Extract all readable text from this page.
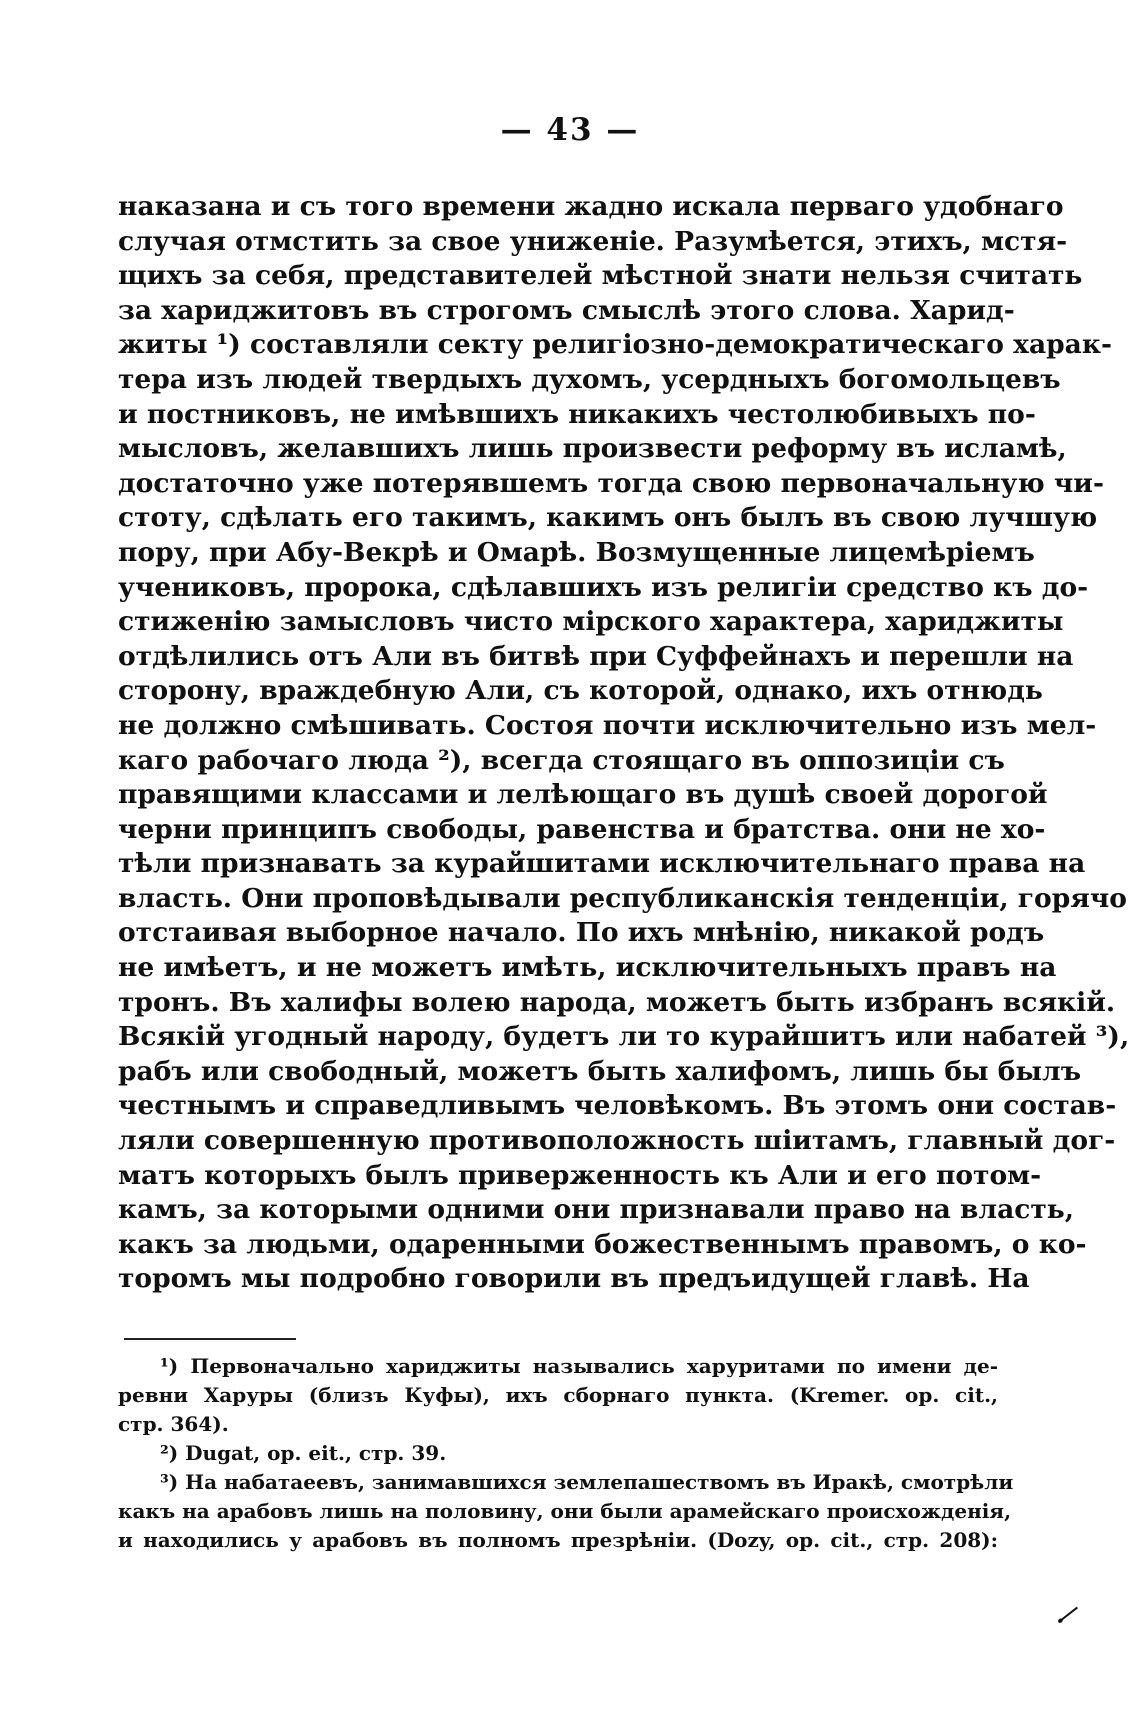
— 43 —
наказана и съ того времени жадно искала перваго удобнаго
случая отмстить за свое униженіе. Разумѣется, этихъ, мстя-
щихъ за себя, представителей мѣстной знати нельзя считать
за хариджитовъ въ строгомъ смыслѣ этого слова. Харид-
житы ¹) составляли секту религіозно-демократическаго харак-
тера изъ людей твердыхъ духомъ, усердныхъ богомольцевъ
и постниковъ, не имѣвшихъ никакихъ честолюбивыхъ по-
мысловъ, желавшихъ лишь произвести реформу въ исламѣ,
достаточно уже потерявшемъ тогда свою первоначальную чи-
стоту, сдѣлать его такимъ, какимъ онъ былъ въ свою лучшую
пору, при Абу-Векрѣ и Омарѣ. Возмущенные лицемѣріемъ
учениковъ, пророка, сдѣлавшихъ изъ религіи средство къ до-
стиженію замысловъ чисто мірского характера, хариджиты
отдѣлились отъ Али въ битвѣ при Суффейнахъ и перешли на
сторону, враждебную Али, съ которой, однако, ихъ отнюдь
не должно смѣшивать. Состоя почти исключительно изъ мел-
каго рабочаго люда ²), всегда стоящаго въ оппозиціи съ
правящими классами и лелѣющаго въ душѣ своей дорогой
черни принципъ свободы, равенства и братства. они не хо-
тѣли признавать за курайшитами исключительнаго права на
власть. Они проповѣдывали республиканскія тенденціи, горячо
отстаивая выборное начало. По ихъ мнѣнію, никакой родъ
не имѣетъ, и не можетъ имѣть, исключительныхъ правъ на
тронъ. Въ халифы волею народа, можетъ быть избранъ всякій.
Всякій угодный народу, будетъ ли то курайшитъ или набатей ³),
рабъ или свободный, можетъ быть халифомъ, лишь бы былъ
честнымъ и справедливымъ человѣкомъ. Въ этомъ они состав-
ляли совершенную противоположность шіитамъ, главный дог-
матъ которыхъ былъ приверженность къ Али и его потом-
камъ, за которыми одними они признавали право на власть,
какъ за людьми, одаренными божественнымъ правомъ, о ко-
торомъ мы подробно говорили въ предъидущей главѣ. На
¹) Первоначально хариджиты назывались харуритами по имени де-
ревни Харуры (близъ Куфы), ихъ сборнаго пункта. (Kremer. op. cit.,
стр. 364).
²) Dugat, op. eit., стр. 39.
³) На набатаеевъ, занимавшихся землепашествомъ въ Иракѣ, смотрѣли
какъ на арабовъ лишь на половину, они были арамейскаго происхожденія,
и находились у арабовъ въ полномъ презрѣніи. (Dozy, op. cit., стр. 208):
